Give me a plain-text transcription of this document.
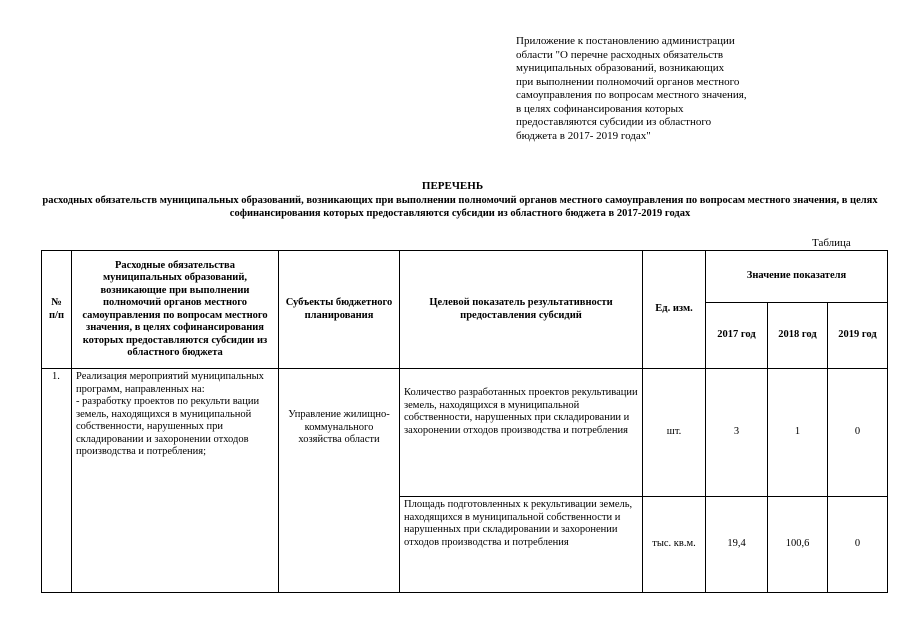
Приложение к постановлению администрации
области "О перечне расходных обязательств
муниципальных образований, возникающих
при выполнении полномочий органов местного
самоуправления по вопросам местного значения,
в целях софинансирования которых
предоставляются субсидии из областного
бюджета в 2017- 2019 годах"
ПЕРЕЧЕНЬ
расходных обязательств муниципальных образований, возникающих при выполнении полномочий органов местного самоуправления по вопросам местного значения, в целях софинансирования которых предоставляются субсидии из областного бюджета в 2017-2019 годах
Таблица
№ п/п	Расходные обязательства муниципальных образований, возникающие при выполнении полномочий органов местного самоуправления по вопросам местного значения, в целях софинансирования которых предоставляются субсидии из областного бюджета	Субъекты бюджетного планирования	Целевой показатель результативности предоставления субсидий	Ед. изм.	Значение показателя		
					2017 год	2018 год	2019 год
1.	Реализация мероприятий муниципальных программ, направленных на:
- разработку проектов по рекульти вации земель, находящихся в муниципальной собственности, нарушенных при складировании и захоронении отходов производства и потребления;	Управление жилищно-коммунального хозяйства области	Количество разработанных проектов рекультивации земель, находящихся в муниципальной собственности, нарушенных при складировании и захоронении отходов производства и потребления	шт.	3	1	0
			Площадь подготовленных к рекультивации земель, находящихся в муниципальной собственности и нарушенных при складировании и захоронении отходов производства и потребления	тыс. кв.м.	19,4	100,6	0
